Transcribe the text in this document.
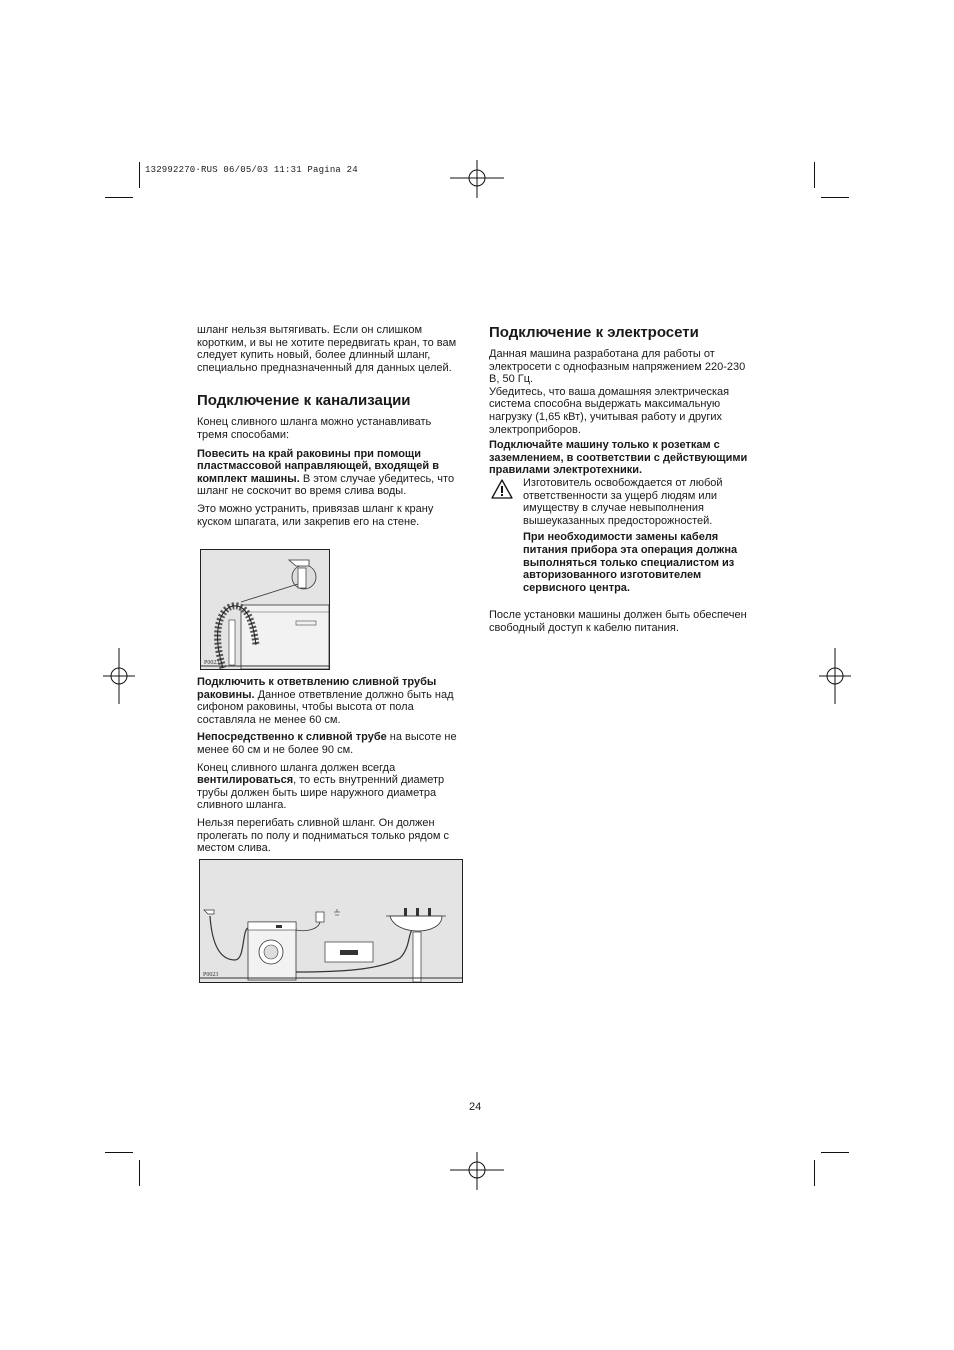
132992270·RUS 06/05/03 11:31 Pagina 24

шланг нельзя вытягивать. Если он слишком коротким, и вы не хотите передвигать кран, то вам следует купить новый, более длинный шланг, специально предназначенный для данных целей.

Подключение к канализации

Конец сливного шланга можно устанавливать тремя способами:

Повесить на край раковины при помощи пластмассовой направляющей, входящей в комплект машины. В этом случае убедитесь, что шланг не соскочит во время слива воды.

Это можно устранить, привязав шланг к крану куском шпагата, или закрепив его на стене.

P0023

Подключить к ответвлению сливной трубы раковины. Данное ответвление должно быть над сифоном раковины, чтобы высота от пола составляла не менее 60 см.

Непосредственно к сливной трубе на высоте не менее 60 см и не более 90 см.

Конец сливного шланга должен всегда вентилироваться, то есть внутренний диаметр трубы должен быть шире наружного диаметра сливного шланга.

Нельзя перегибать сливной шланг. Он должен пролегать по полу и подниматься только рядом с местом слива.

P0023
Подключение к электросети

Данная машина разработана для работы от электросети с однофазным напряжением 220-230 В, 50 Гц.

Убедитесь, что ваша домашняя электрическая система способна выдержать максимальную нагрузку (1,65 кВт), учитывая работу и других электроприборов.

Подключайте машину только к розеткам с заземлением, в соответствии с действующими правилами электротехники.

Изготовитель освобождается от любой ответственности за ущерб людям или имуществу в случае невыполнения вышеуказанных предосторожностей.

При необходимости замены кабеля питания прибора эта операция должна выполняться только специалистом из авторизованного изготовителем сервисного центра.

После установки машины должен быть обеспечен свободный доступ к кабелю питания.

24
